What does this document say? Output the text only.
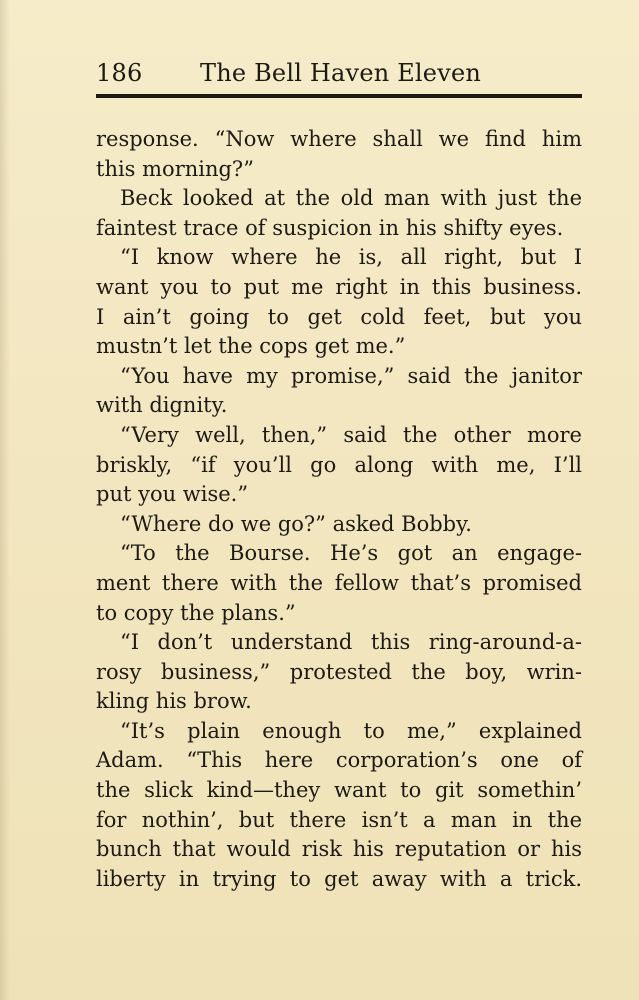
186 The Bell Haven Eleven
response. “Now where shall we find him
this morning?”
Beck looked at the old man with just the
faintest trace of suspicion in his shifty eyes.
“I know where he is, all right, but I
want you to put me right in this business.
I ain’t going to get cold feet, but you
mustn’t let the cops get me.”
“You have my promise,” said the janitor
with dignity.
“Very well, then,” said the other more
briskly, “if you’ll go along with me, I’ll
put you wise.”
“Where do we go?” asked Bobby.
“To the Bourse. He’s got an engage-
ment there with the fellow that’s promised
to copy the plans.”
“I don’t understand this ring-around-a-
rosy business,” protested the boy, wrin-
kling his brow.
“It’s plain enough to me,” explained
Adam. “This here corporation’s one of
the slick kind—they want to git somethin’
for nothin’, but there isn’t a man in the
bunch that would risk his reputation or his
liberty in trying to get away with a trick.
